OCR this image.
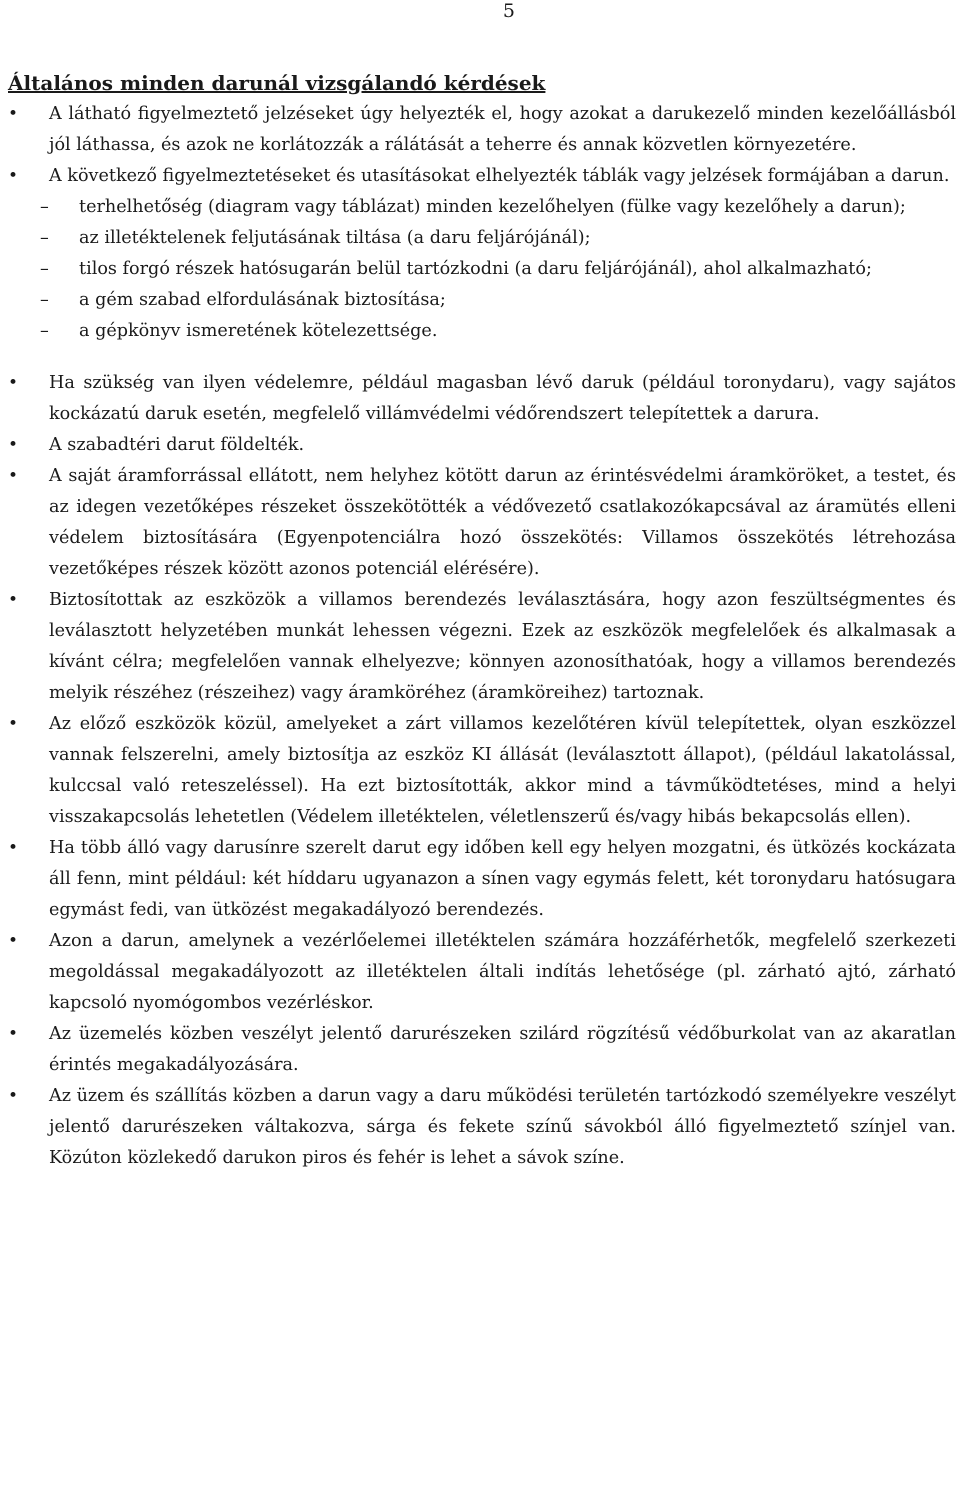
5
Általános minden darunál vizsgálandó kérdések
• A látható figyelmeztető jelzéseket úgy helyezték el, hogy azokat a darukezelő minden kezelőállásból jól láthassa, és azok ne korlátozzák a rálátását a teherre és annak közvetlen környezetére.
• A következő figyelmeztetéseket és utasításokat elhelyezték táblák vagy jelzések formájában a darun.
– terhelhetőség (diagram vagy táblázat) minden kezelőhelyen (fülke vagy kezelőhely a darun);
– az illetéktelenek feljutásának tiltása (a daru feljárójánál);
– tilos forgó részek hatósugarán belül tartózkodni (a daru feljárójánál), ahol alkalmazható;
– a gém szabad elfordulásának biztosítása;
– a gépkönyv ismeretének kötelezettsége.
• Ha szükség van ilyen védelemre, például magasban lévő daruk (például toronydaru), vagy sajátos kockázatú daruk esetén, megfelelő villámvédelmi védőrendszert telepítettek a darura.
• A szabadtéri darut földelték.
• A saját áramforrással ellátott, nem helyhez kötött darun az érintésvédelmi áramköröket, a testet, és az idegen vezetőképes részeket összekötötték a védővezető csatlakozókapcsával az áramütés elleni védelem biztosítására (Egyenpotenciálra hozó összekötés: Villamos összekötés létrehozása vezetőképes részek között azonos potenciál elérésére).
• Biztosítottak az eszközök a villamos berendezés leválasztására, hogy azon feszültségmentes és leválasztott helyzetében munkát lehessen végezni. Ezek az eszközök megfelelőek és alkalmasak a kívánt célra; megfelelően vannak elhelyezve; könnyen azonosíthatóak, hogy a villamos berendezés melyik részéhez (részeihez) vagy áramköréhez (áramköreihez) tartoznak.
• Az előző eszközök közül, amelyeket a zárt villamos kezelőtéren kívül telepítettek, olyan eszközzel vannak felszerelni, amely biztosítja az eszköz KI állását (leválasztott állapot), (például lakatolással, kulccsal való reteszeléssel). Ha ezt biztosították, akkor mind a távműködtetéses, mind a helyi visszakapcsolás lehetetlen (Védelem illetéktelen, véletlenszerű és/vagy hibás bekapcsolás ellen).
• Ha több álló vagy darusínre szerelt darut egy időben kell egy helyen mozgatni, és ütközés kockázata áll fenn, mint például: két híddaru ugyanazon a sínen vagy egymás felett, két toronydaru hatósugara egymást fedi, van ütközést megakadályozó berendezés.
• Azon a darun, amelynek a vezérlőelemei illetéktelen számára hozzáférhetők, megfelelő szerkezeti megoldással megakadályozott az illetéktelen általi indítás lehetősége (pl. zárható ajtó, zárható kapcsoló nyomógombos vezérléskor.
• Az üzemelés közben veszélyt jelentő darurészeken szilárd rögzítésű védőburkolat van az akaratlan érintés megakadályozására.
• Az üzem és szállítás közben a darun vagy a daru működési területén tartózkodó személyekre veszélyt jelentő darurészeken váltakozva, sárga és fekete színű sávokból álló figyelmeztető színjel van. Közúton közlekedő darukon piros és fehér is lehet a sávok színe.
